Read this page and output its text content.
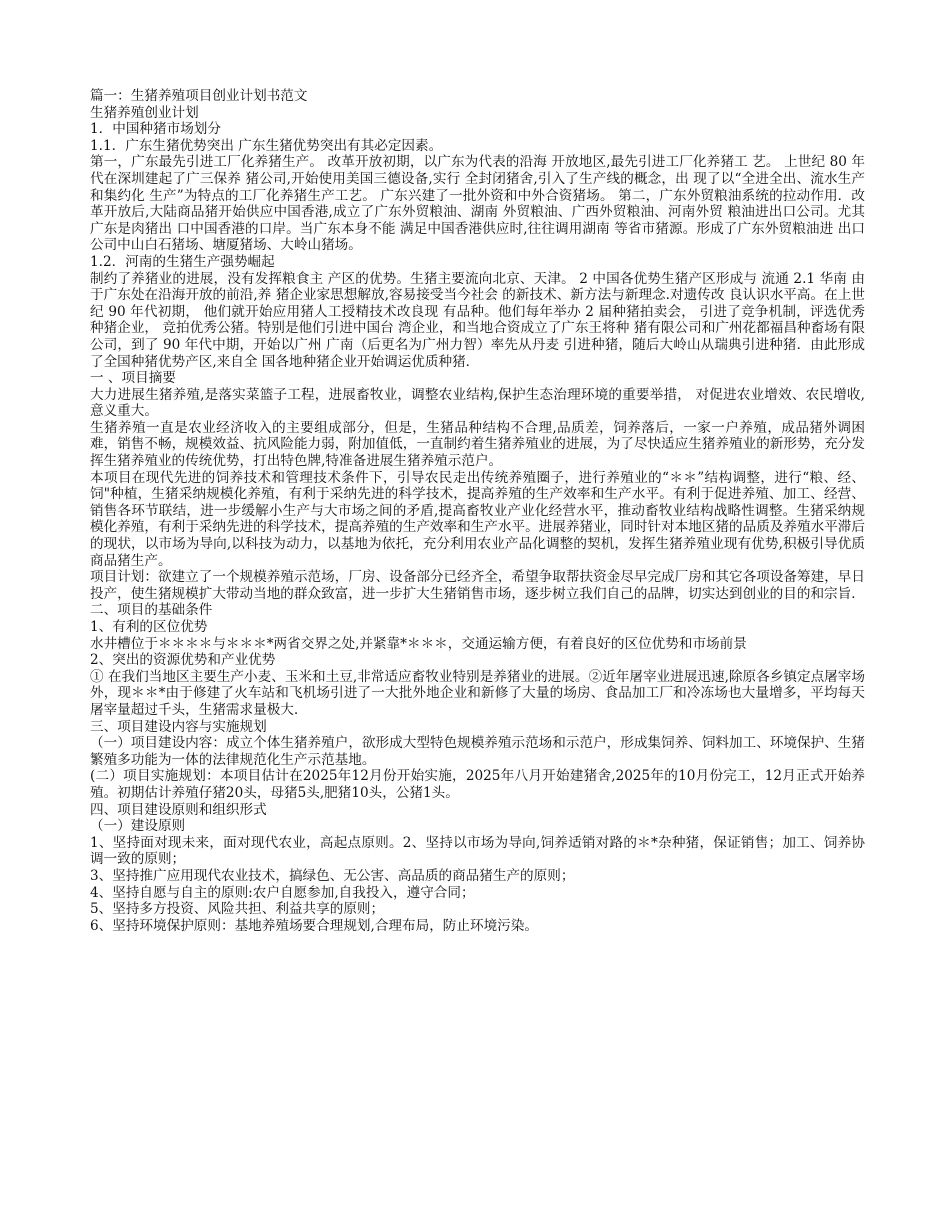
篇一：生猪养殖项目创业计划书范文

生猪养殖创业计划

1．中国种猪市场划分

1.1．广东生猪优势突出 广东生猪优势突出有其必定因素。

第一，广东最先引进工厂化养猪生产。 改革开放初期，以广东为代表的沿海 开放地区,最先引进工厂化养猪工 艺。 上世纪 80 年代在深圳建起了广三保养 猪公司,开始使用美国三德设备,实行 全封闭猪舍,引入了生产线的概念，出 现了以“全进全出、流水生产和集约化 生产”为特点的工厂化养猪生产工艺。 广东兴建了一批外资和中外合资猪场。 第二，广东外贸粮油系统的拉动作用．改革开放后,大陆商品猪开始供应中国香港,成立了广东外贸粮油、湖南 外贸粮油、广西外贸粮油、河南外贸 粮油进出口公司。尤其广东是肉猪出 口中国香港的口岸。当广东本身不能 满足中国香港供应时,往往调用湖南 等省市猪源。形成了广东外贸粮油进 出口公司中山白石猪场、塘厦猪场、大岭山猪场。

1.2．河南的生猪生产强势崛起

制约了养猪业的进展，没有发挥粮食主 产区的优势。生猪主要流向北京、天津。 2 中国各优势生猪产区形成与 流通 2.1 华南 由于广东处在沿海开放的前沿,养 猪企业家思想解放,容易接受当今社会 的新技术、新方法与新理念.对遗传改 良认识水平高。在上世纪 90 年代初期， 他们就开始应用猪人工授精技术改良现 有品种。他们每年举办 2 届种猪拍卖会， 引进了竞争机制，评选优秀种猪企业， 竞拍优秀公猪。特别是他们引进中国台 湾企业，和当地合资成立了广东王将种 猪有限公司和广州花都福昌种畜场有限 公司，到了 90 年代中期，开始以广州 广南（后更名为广州力智）率先从丹麦 引进种猪，随后大岭山从瑞典引进种猪．由此形成了全国种猪优势产区,来自全 国各地种猪企业开始调运优质种猪．

一 、项目摘要

大力进展生猪养殖,是落实菜篮子工程，进展畜牧业，调整农业结构,保护生态治理环境的重要举措， 对促进农业增效、农民增收,意义重大。

生猪养殖一直是农业经济收入的主要组成部分，但是，生猪品种结构不合理,品质差，饲养落后，一家一户养殖，成品猪外调困难，销售不畅，规模效益、抗风险能力弱，附加值低，一直制约着生猪养殖业的进展，为了尽快适应生猪养殖业的新形势，充分发挥生猪养殖业的传统优势，打出特色牌,特准备进展生猪养殖示范户。

本项目在现代先进的饲养技术和管理技术条件下，引导农民走出传统养殖圈子，进行养殖业的“＊＊”结构调整，进行“粮、经、饲"种植，生猪采纳规模化养殖，有利于采纳先进的科学技术，提高养殖的生产效率和生产水平。有利于促进养殖、加工、经营、销售各环节联结，进一步缓解小生产与大市场之间的矛盾,提高畜牧业产业化经营水平，推动畜牧业结构战略性调整。生猪采纳规模化养殖，有利于采纳先进的科学技术，提高养殖的生产效率和生产水平。进展养猪业，同时针对本地区猪的品质及养殖水平滞后的现状，以市场为导向,以科技为动力，以基地为依托，充分利用农业产品化调整的契机，发挥生猪养殖业现有优势,积极引导优质商品猪生产。

项目计划：欲建立了一个规模养殖示范场，厂房、设备部分已经齐全，希望争取帮扶资金尽早完成厂房和其它各项设备筹建，早日投产，使生猪规模扩大带动当地的群众致富，进一步扩大生猪销售市场，逐步树立我们自己的品牌，切实达到创业的目的和宗旨．

二、项目的基础条件

1、有利的区位优势

水井槽位于＊＊＊＊与＊＊＊*两省交界之处,并紧靠*＊＊＊，交通运输方便，有着良好的区位优势和市场前景

2、突出的资源优势和产业优势

① 在我们当地区主要生产小麦、玉米和土豆,非常适应畜牧业特别是养猪业的进展。②近年屠宰业进展迅速,除原各乡镇定点屠宰场外，现＊＊*由于修建了火车站和飞机场引进了一大批外地企业和新修了大量的场房、食品加工厂和冷冻场也大量增多，平均每天屠宰量超过千头，生猪需求量极大.

三、项目建设内容与实施规划

（一）项目建设内容：成立个体生猪养殖户，欲形成大型特色规模养殖示范场和示范户，形成集饲养、饲料加工、环境保护、生猪繁殖多功能为一体的法律规范化生产示范基地。

(二）项目实施规划：本项目估计在2025年12月份开始实施，2025年八月开始建猪舍,2025年的10月份完工，12月正式开始养殖。初期估计养殖仔猪20头，母猪5头,肥猪10头，公猪1头。

四、项目建设原则和组织形式

（一）建设原则

1、坚持面对现未来，面对现代农业，高起点原则。2、坚持以市场为导向,饲养适销对路的＊*杂种猪，保证销售；加工、饲养协调一致的原则；

3、坚持推广应用现代农业技术，搞绿色、无公害、高品质的商品猪生产的原则；

4、坚持自愿与自主的原则:农户自愿参加,自我投入，遵守合同；

5、坚持多方投资、风险共担、利益共享的原则；

6、坚持环境保护原则：基地养殖场要合理规划,合理布局，防止环境污染。
